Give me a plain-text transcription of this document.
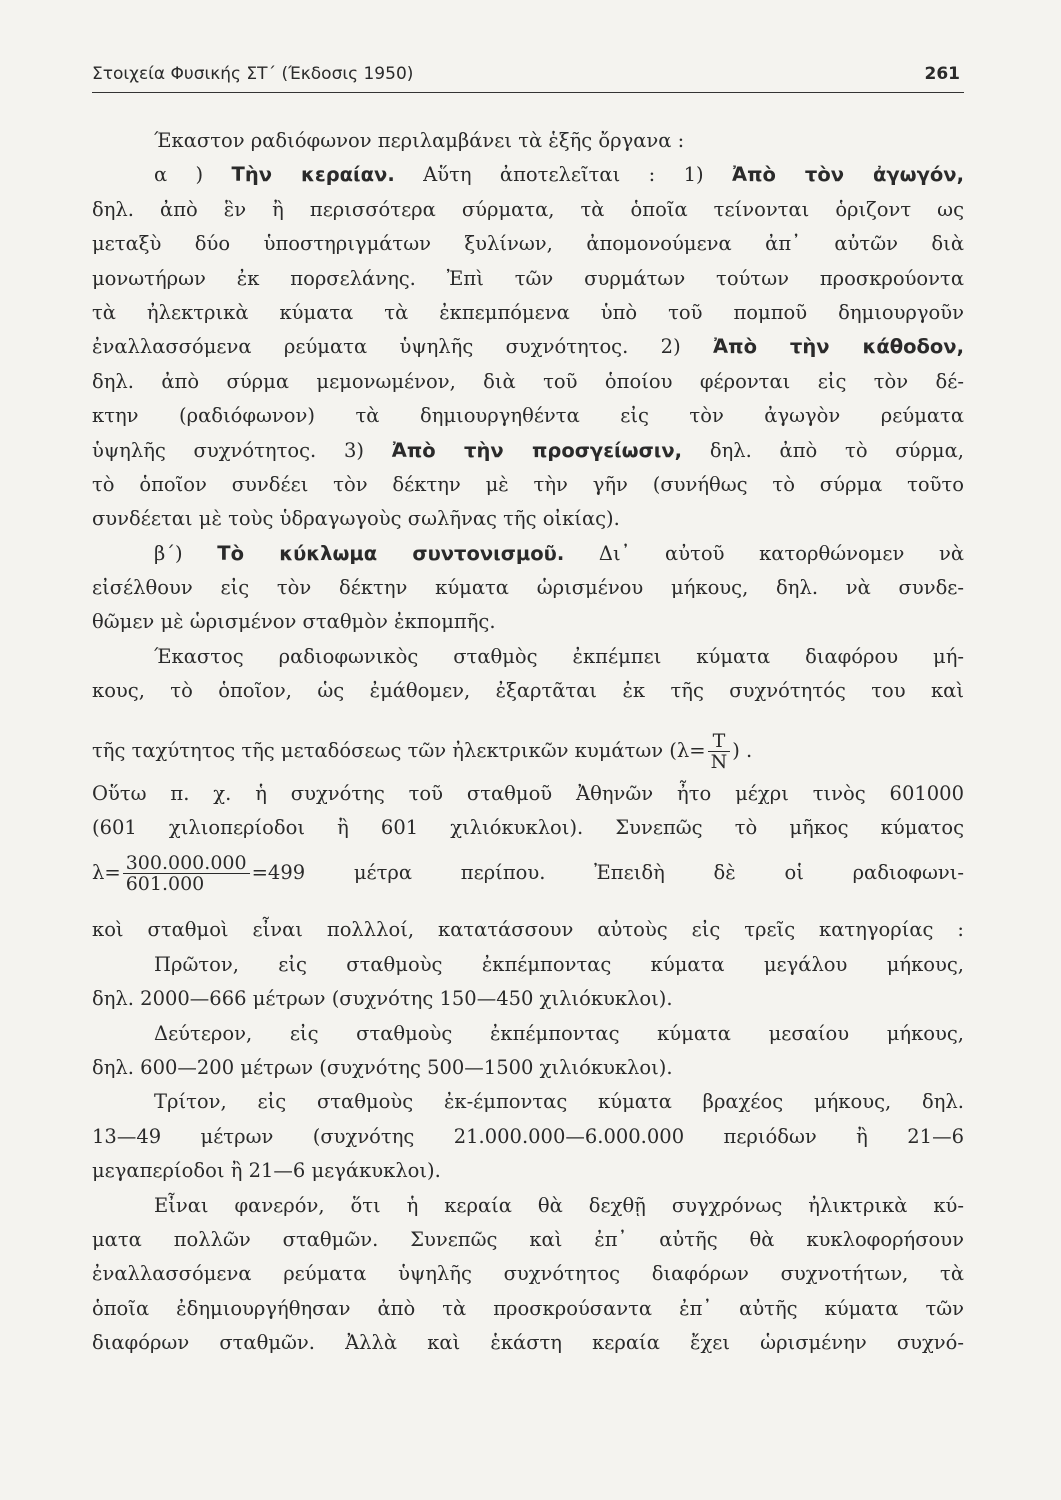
Στοιχεία Φυσικής ΣΤ΄ (Έκδοσις 1950)	261
Έκαστον ραδιόφωνον περιλαμβάνει τὰ ἑξῆς ὄργανα :
α ) Τὴν κεραίαν. Αὕτη ἀποτελεῖται : 1) Ἀπὸ τὸν ἀγωγόν,
δηλ. ἀπὸ ἓν ἢ περισσότερα σύρματα, τὰ ὁποῖα τείνονται ὁριζοντ ως
μεταξὺ δύο ὑποστηριγμάτων ξυλίνων, ἀπομονούμενα ἀπ᾽ αὐτῶν διὰ
μονωτήρων ἐκ πορσελάνης. Ἐπὶ τῶν συρμάτων τούτων προσκρούοντα
τὰ ἠλεκτρικὰ κύματα τὰ ἐκπεμπόμενα ὑπὸ τοῦ πομποῦ δημιουργοῦν
ἐναλλασσόμενα ρεύματα ὑψηλῆς συχνότητος. 2) Ἀπὸ τὴν κάθοδον,
δηλ. ἀπὸ σύρμα μεμονωμένον, διὰ τοῦ ὁποίου φέρονται εἰς τὸν δέ-
κτην (ραδιόφωνον) τὰ δημιουργηθέντα εἰς τὸν ἀγωγὸν ρεύματα
ὑψηλῆς συχνότητος. 3) Ἀπὸ τὴν προσγείωσιν, δηλ. ἀπὸ τὸ σύρμα,
τὸ ὁποῖον συνδέει τὸν δέκτην μὲ τὴν γῆν (συνήθως τὸ σύρμα τοῦτο
συνδέεται μὲ τοὺς ὑδραγωγοὺς σωλῆνας τῆς οἰκίας).
β΄) Τὸ κύκλωμα συντονισμοῦ. Δι᾽ αὐτοῦ κατορθώνομεν νὰ
εἰσέλθουν εἰς τὸν δέκτην κύματα ὡρισμένου μήκους, δηλ. νὰ συνδε-
θῶμεν μὲ ὡρισμένον σταθμὸν ἐκπομπῆς.
Έκαστος ραδιοφωνικὸς σταθμὸς ἐκπέμπει κύματα διαφόρου μή-
κους, τὸ ὁποῖον, ὡς ἐμάθομεν, ἐξαρτᾶται ἐκ τῆς συχνότητός του καὶ
τῆς ταχύτητος τῆς μεταδόσεως τῶν ἠλεκτρικῶν κυμάτων ($\lambda= \frac{T}{N}$ ) .
Οὕτω π. χ. ἡ συχνότης τοῦ σταθμοῦ Ἀθηνῶν ἦτο μέχρι τινὸς 601000
(601 χιλιοπερίοδοι ἢ 601 χιλιόκυκλοι). Συνεπῶς τὸ μῆκος κύματος
$\lambda= \frac{300.000.000}{601.000} =499$ μέτρα περίπου. Ἐπειδὴ δὲ οἱ ραδιοφωνι-
κοὶ σταθμοὶ εἶναι πολλλοί, κατατάσσουν αὐτοὺς εἰς τρεῖς κατηγορίας :
Πρῶτον, εἰς σταθμοὺς ἐκπέμποντας κύματα μεγάλου μήκους,
δηλ. 2000—666 μέτρων (συχνότης 150—450 χιλιόκυκλοι).
Δεύτερον, εἰς σταθμοὺς ἐκπέμποντας κύματα μεσαίου μήκους,
δηλ. 600—200 μέτρων (συχνότης 500—1500 χιλιόκυκλοι).
Τρίτον, εἰς σταθμοὺς ἐκ-έμποντας κύματα βραχέος μήκους, δηλ.
13—49 μέτρων (συχνότης 21.000.000—6.000.000 περιόδων ἢ 21—6
μεγαπερίοδοι ἢ 21—6 μεγάκυκλοι).
Εἶναι φανερόν, ὅτι ἡ κεραία θὰ δεχθῇ συγχρόνως ἠλικτρικὰ κύ-
ματα πολλῶν σταθμῶν. Συνεπῶς καὶ ἐπ᾽ αὐτῆς θὰ κυκλοφορήσουν
ἐναλλασσόμενα ρεύματα ὑψηλῆς συχνότητος διαφόρων συχνοτήτων, τὰ
ὁποῖα ἐδημιουργήθησαν ἀπὸ τὰ προσκρούσαντα ἐπ᾽ αὐτῆς κύματα τῶν
διαφόρων σταθμῶν. Ἀλλὰ καὶ ἑκάστη κεραία ἔχει ὡρισμένην συχνό-
